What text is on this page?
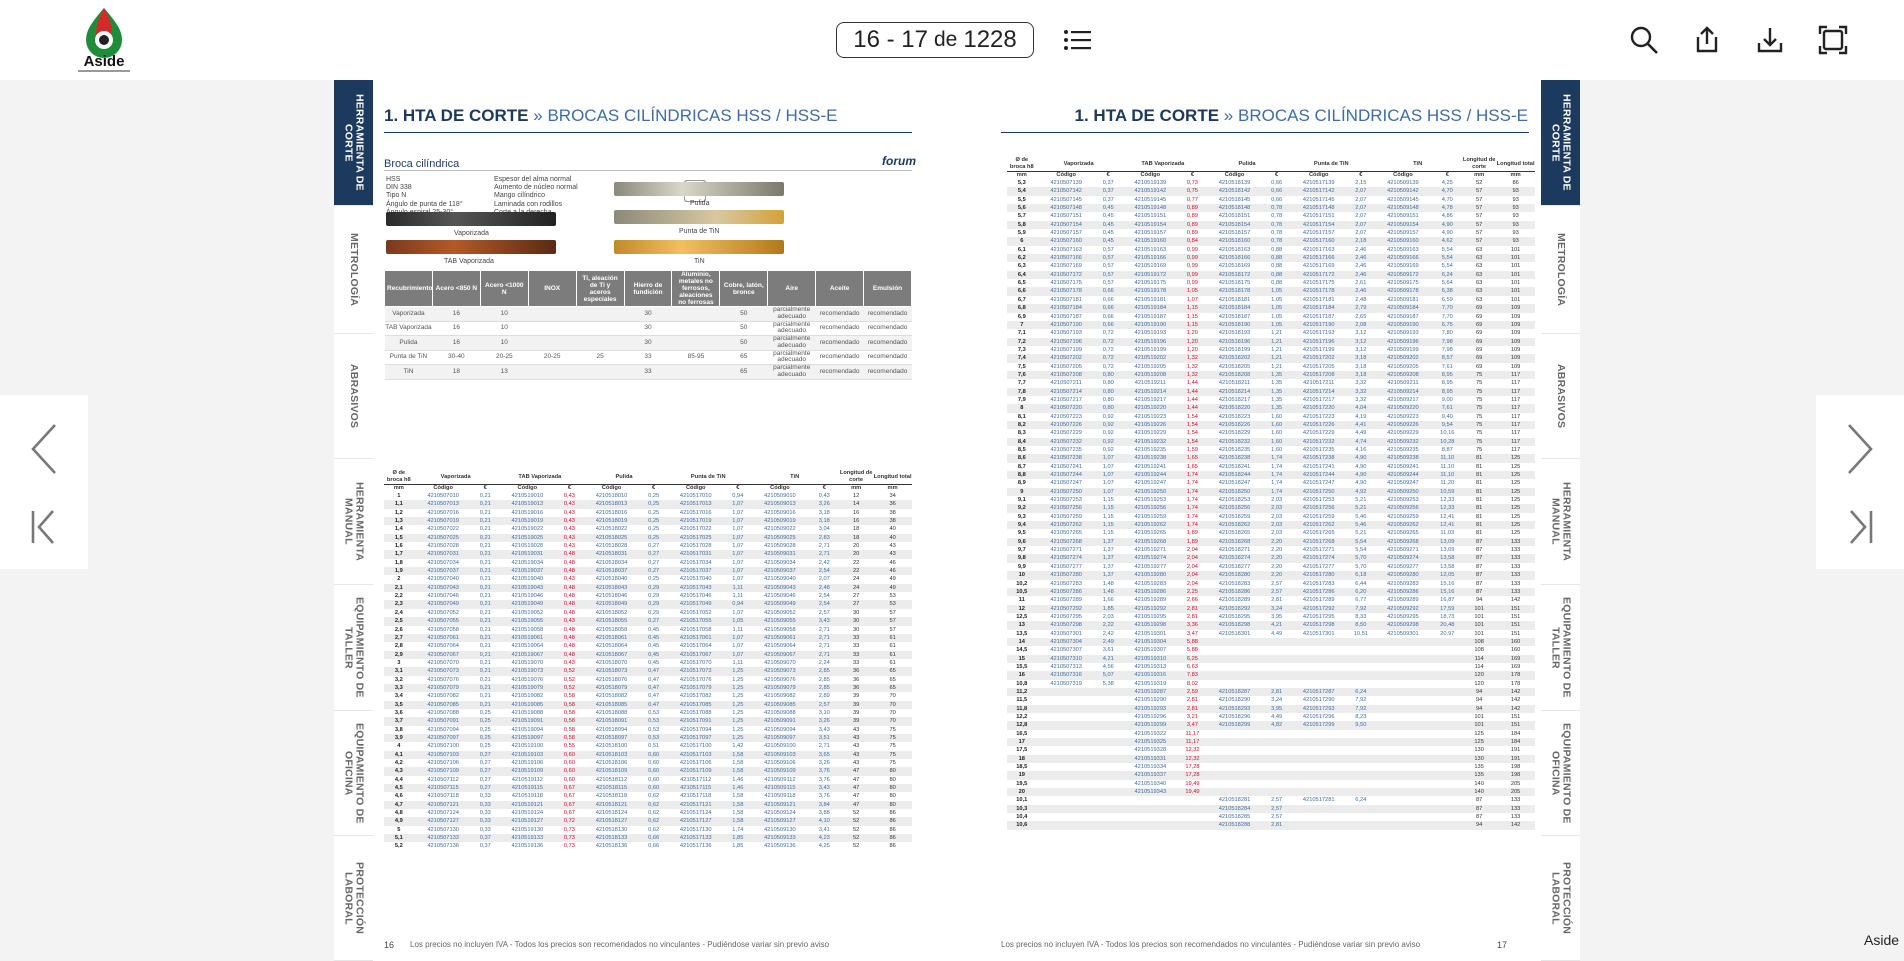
Aside
16 - 17 de 1228
HERRAMIENTA DE CORTE
METROLOGÍA
ABRASIVOS
HERRAMIENTA MANUAL
EQUIPAMIENTO DE TALLER
EQUIPAMIENTO DE OFICINA
PROTECCIÓN LABORAL
1. HTA DE CORTE » BROCAS CILÍNDRICAS HSS / HSS-E
Broca cilíndrica	forum
HSS
DIN 338
Tipo N
Ángulo de punta de 118°
Espesor del alma normal
Aumento de núcleo normal
Mango cilíndrico
Laminada con rodillos
Vaporizada
TAB Vaporizada
Pulida
Punta de TiN
TiN
16 Los precios no incluyen IVA - Todos los precios son recomendados no vinculantes - Pudiéndose variar sin previo aviso
1. HTA DE CORTE » BROCAS CILÍNDRICAS HSS / HSS-E	HERRAMIENTA DE CORTE
METROLOGÍA
ABRASIVOS
HERRAMIENTA MANUAL
EQUIPAMIENTO DE TALLER
EQUIPAMIENTO DE OFICINA
PROTECCIÓN LABORAL
17
Los precios no incluyen IVA - Todos los precios son recomendados no vinculantes - Pudiéndose variar sin previo aviso
Recubrimiento	Acero <850 N	Acero <1000 N	INOX	Ti, aleación de Ti y aceros especiales	Hierro de fundición	Aluminio, metales no ferrosos, aleaciones no ferrosas	Cobre, latón, bronce	Aire	Aceite	Emulsión
Vaporizada	16	10			30		50	parcialmente adecuado	recomendado	recomendado
TAB Vaporizada	16	10			30		50	parcialmente adecuado	recomendado	recomendado
Pulida	16	10			30		50	parcialmente adecuado	recomendado	recomendado
Punta de TiN	30-40	20-25	20-25	25	33	85-95	65	parcialmente adecuado	recomendado	recomendado
TiN	18	13			33		65	parcialmente adecuado	recomendado	recomendado
Ø de broca h8	Vaporizada		TAB Vaporizada		Pulida		Punta de TiN		TiN		Longitud de corte	Longitud total
mm	Código	€	Código	€	Código	€	Código	€	Código	€	mm	mm
1	4210507010	0,21	4210519010	0,43	4210518010	0,25	4210517010	0,94	4210509010	0,43	12	34
1,1	4210507013	0,21	4210519013	0,43	4210518013	0,25	4210517013	1,07	4210509013	3,26	14	36
1,2	4210507016	0,21	4210519016	0,43	4210518016	0,25	4210517016	1,07	4210509016	3,18	16	38
1,3	4210507019	0,21	4210519019	0,43	4210518019	0,25	4210517019	1,07	4210509019	3,18	16	38
1,4	4210507022	0,21	4210519022	0,43	4210518022	0,25	4210517022	1,07	4210509022	3,04	18	40
1,5	4210507025	0,21	4210519025	0,43	4210518025	0,25	4210517025	1,07	4210509025	2,83	18	40
1,6	4210507028	0,21	4210519028	0,43	4210518028	0,27	4210517028	1,07	4210509028	2,71	20	43
1,7	4210507031	0,21	4210519031	0,48	4210518031	0,27	4210517031	1,07	4210509031	2,71	20	43
1,8	4210507034	0,21	4210519034	0,48	4210518034	0,27	4210517034	1,07	4210509034	2,42	22	46
1,9	4210507037	0,21	4210519037	0,48	4210518037	0,27	4210517037	1,07	4210509037	2,54	22	46
2	4210507040	0,21	4210519040	0,43	4210518040	0,25	4210517040	1,07	4210509040	2,07	24	49
2,1	4210507043	0,21	4210519043	0,48	4210518043	0,29	4210517043	1,11	4210509043	2,48	24	49
2,2	4210507046	0,21	4210519046	0,48	4210518046	0,29	4210517046	1,11	4210509046	2,54	27	53
2,3	4210507049	0,21	4210519049	0,48	4210518049	0,29	4210517049	0,94	4210509049	2,54	27	53
2,4	4210507052	0,21	4210519052	0,48	4210518052	0,29	4210517052	1,07	4210509052	2,57	30	57
2,5	4210507055	0,21	4210519055	0,43	4210518055	0,27	4210517055	1,05	4210509055	3,43	30	57
2,6	4210507058	0,21	4210519058	0,48	4210518058	0,45	4210517058	1,11	4210509058	2,71	30	57
2,7	4210507061	0,21	4210519061	0,48	4210518061	0,45	4210517061	1,07	4210509061	2,71	33	61
2,8	4210507064	0,21	4210519064	0,48	4210518064	0,45	4210517064	1,07	4210509064	2,71	33	61
2,9	4210507067	0,21	4210519067	0,48	4210518067	0,45	4210517067	1,07	4210509067	2,71	33	61
3	4210507070	0,21	4210519070	0,43	4210518070	0,45	4210517070	1,11	4210509070	2,24	33	61
3,1	4210507073	0,21	4210519073	0,52	4210518073	0,47	4210517073	1,25	4210509073	2,85	36	65
3,2	4210507076	0,21	4210519076	0,52	4210518076	0,47	4210517076	1,25	4210509076	2,85	36	65
3,3	4210507079	0,21	4210519079	0,52	4210518079	0,47	4210517079	1,25	4210509079	2,85	36	65
3,4	4210507082	0,21	4210519082	0,58	4210518082	0,47	4210517082	1,25	4210509082	2,89	39	70
3,5	4210507085	0,21	4210519085	0,58	4210518085	0,47	4210517085	1,25	4210509085	2,57	39	70
3,6	4210507088	0,25	4210519088	0,58	4210518088	0,53	4210517088	1,25	4210509088	3,10	39	70
3,7	4210507091	0,25	4210519091	0,58	4210518091	0,53	4210517091	1,25	4210509091	3,26	39	70
3,8	4210507094	0,25	4210519094	0,58	4210518094	0,53	4210517094	1,25	4210509094	3,43	43	75
3,9	4210507097	0,25	4210519097	0,58	4210518097	0,53	4210517097	1,25	4210509097	3,51	43	75
4	4210507100	0,25	4210519100	0,55	4210518100	0,51	4210517100	1,42	4210509100	2,71	43	75
4,1	4210507103	0,27	4210519103	0,60	4210518103	0,60	4210517103	1,58	4210509103	3,65	43	75
4,2	4210507106	0,27	4210519106	0,60	4210518106	0,60	4210517106	1,58	4210509106	3,26	43	75
4,3	4210507109	0,27	4210519109	0,60	4210518109	0,60	4210517109	1,58	4210509109	3,76	47	80
4,4	4210507112	0,27	4210519112	0,60	4210518112	0,60	4210517112	1,46	4210509112	3,76	47	80
4,5	4210507115	0,27	4210519115	0,67	4210518115	0,60	4210517115	1,46	4210509115	3,43	47	80
4,6	4210507118	0,33	4210519118	0,67	4210518118	0,62	4210517118	1,58	4210509118	3,76	47	80
4,7	4210507121	0,33	4210519121	0,67	4210518121	0,62	4210517121	1,58	4210509121	3,84	47	80
4,8	4210507124	0,33	4210519124	0,67	4210518124	0,62	4210517124	1,58	4210509124	3,88	52	86
4,9	4210507127	0,33	4210519127	0,72	4210518127	0,62	4210517127	1,58	4210509127	4,10	52	86
5	4210507130	0,33	4210519130	0,73	4210518130	0,62	4210517130	1,74	4210509130	3,41	52	86
5,1	4210507133	0,37	4210519133	0,73	4210518133	0,66	4210517133	1,85	4210509133	4,23	52	86
5,2	4210507136	0,37	4210519136	0,73	4210518136	0,66	4210517136	1,85	4210509136	4,25	52	86
Ø de broca h8	Vaporizada		TAB Vaporizada		Pulida		Punta de TiN		TiN		Longitud de corte	Longitud total
mm	Código	€	Código	€	Código	€	Código	€	Código	€	mm	mm
5,3	4210507139	0,37	4210519139	0,73	4210518139	0,66	4210517139	2,15	4210509139	4,25	52	86
5,4	4210507142	0,37	4210519142	0,75	4210518142	0,66	4210517142	2,07	4210509142	4,70	57	93
5,5	4210507145	0,37	4210519145	0,77	4210518145	0,66	4210517145	2,07	4210509145	4,70	57	93
5,6	4210507148	0,45	4210519148	0,89	4210518148	0,78	4210517148	2,07	4210509148	4,78	57	93
5,7	4210507151	0,45	4210519151	0,89	4210518151	0,78	4210517151	2,07	4210509151	4,86	57	93
5,8	4210507154	0,45	4210519154	0,89	4210518154	0,78	4210517154	2,07	4210509154	4,90	57	93
5,9	4210507157	0,45	4210519157	0,89	4210518157	0,78	4210517157	2,07	4210509157	4,90	57	93
6	4210507160	0,45	4210519160	0,84	4210518160	0,78	4210517160	2,18	4210509160	4,62	57	93
6,1	4210507163	0,57	4210519163	0,99	4210518163	0,88	4210517163	2,46	4210509163	5,54	63	101
6,2	4210507166	0,57	4210519166	0,99	4210518166	0,88	4210517166	2,46	4210509166	5,54	63	101
6,3	4210507169	0,57	4210519169	0,99	4210518169	0,88	4210517169	2,46	4210509169	5,54	63	101
6,4	4210507172	0,57	4210519172	0,99	4210518172	0,88	4210517172	2,46	4210509172	6,24	63	101
6,5	4210507175	0,57	4210519175	0,99	4210518175	0,88	4210517175	2,61	4210509175	5,64	63	101
6,6	4210507178	0,66	4210519178	1,05	4210518178	1,05	4210517178	2,46	4210509178	6,38	63	101
6,7	4210507181	0,66	4210519181	1,07	4210518181	1,05	4210517181	2,48	4210509181	6,59	63	101
6,8	4210507184	0,66	4210519184	1,15	4210518184	1,05	4210517184	2,79	4210509184	7,70	69	109
6,9	4210507187	0,66	4210519187	1,15	4210518187	1,05	4210517187	2,65	4210509187	7,70	69	109
7	4210507190	0,66	4210519190	1,15	4210518190	1,05	4210517190	2,08	4210509190	6,75	69	109
7,1	4210507193	0,72	4210519193	1,20	4210518193	1,21	4210517193	3,12	4210509193	7,80	69	109
7,2	4210507196	0,72	4210519196	1,20	4210518196	1,21	4210517196	3,12	4210509196	7,98	69	109
7,3	4210507199	0,72	4210519199	1,20	4210518199	1,21	4210517199	3,12	4210509199	7,98	69	109
7,4	4210507202	0,72	4210519202	1,32	4210518202	1,21	4210517202	3,18	4210509202	8,57	69	109
7,5	4210507205	0,72	4210519205	1,32	4210518205	1,21	4210517205	3,18	4210509205	7,61	69	109
7,6	4210507208	0,80	4210519208	1,32	4210518208	1,35	4210517208	3,18	4210509208	8,95	75	117
7,7	4210507211	0,80	4210519211	1,44	4210518211	1,35	4210517211	3,32	4210509211	8,95	75	117
7,8	4210507214	0,80	4210519214	1,44	4210518214	1,35	4210517214	3,32	4210509214	8,95	75	117
7,9	4210507217	0,80	4210519217	1,44	4210518217	1,35	4210517217	3,32	4210509217	9,00	75	117
8	4210507220	0,80	4210519220	1,44	4210518220	1,35	4210517220	4,04	4210509220	7,61	75	117
8,1	4210507223	0,92	4210519223	1,54	4210518223	1,60	4210517223	4,19	4210509223	9,40	75	117
8,2	4210507226	0,92	4210519226	1,54	4210518226	1,60	4210517226	4,41	4210509226	9,54	75	117
8,3	4210507229	0,92	4210519229	1,54	4210518229	1,60	4210517229	4,49	4210509229	10,16	75	117
8,4	4210507232	0,92	4210519232	1,54	4210518232	1,60	4210517232	4,74	4210509232	10,28	75	117
8,5	4210507235	0,92	4210519235	1,59	4210518235	1,60	4210517235	4,16	4210509235	8,87	75	117
8,6	4210507238	1,07	4210519238	1,65	4210518238	1,74	4210517238	4,90	4210509238	11,10	81	125
8,7	4210507241	1,07	4210519241	1,65	4210518241	1,74	4210517241	4,90	4210509241	11,10	81	125
8,8	4210507244	1,07	4210519244	1,74	4210518244	1,74	4210517244	4,90	4210509244	11,10	81	125
8,9	4210507247	1,07	4210519247	1,74	4210518247	1,74	4210517247	4,90	4210509247	11,20	81	125
9	4210507250	1,07	4210519250	1,74	4210518250	1,74	4210517250	4,92	4210509250	10,59	81	125
9,1	4210507253	1,15	4210519253	1,74	4210518253	2,03	4210517253	5,21	4210509253	12,33	81	125
9,2	4210507256	1,15	4210519256	1,74	4210518256	2,03	4210517256	5,21	4210509256	12,33	81	125
9,3	4210507259	1,15	4210519259	1,74	4210518259	2,03	4210517259	5,46	4210509259	12,41	81	125
9,4	4210507262	1,15	4210519262	1,74	4210518262	2,03	4210517262	5,46	4210509262	12,41	81	125
9,5	4210507265	1,15	4210519265	1,89	4210518265	2,03	4210517265	5,21	4210509265	11,03	81	125
9,6	4210507268	1,37	4210519268	1,89	4210518268	2,20	4210517268	5,54	4210509268	13,09	87	133
9,7	4210507271	1,37	4210519271	2,04	4210518271	2,20	4210517271	5,54	4210509271	13,09	87	133
9,8	4210507274	1,37	4210519274	2,04	4210518274	2,20	4210517274	5,70	4210509274	13,58	87	133
9,9	4210507277	1,37	4210519277	2,04	4210518277	2,20	4210517277	5,70	4210509277	13,58	87	133
10	4210507280	1,37	4210519280	2,04	4210518280	2,20	4210517280	6,18	4210509280	12,05	87	133
10,2	4210507283	1,48	4210519283	2,04	4210518283	2,57	4210517283	6,44	4210509283	15,16	87	133
10,5	4210507286	1,48	4210519286	2,25	4210518286	2,57	4210517286	6,20	4210509286	15,16	87	133
11	4210507289	1,66	4210519289	2,66	4210518289	2,81	4210517289	6,77	4210509289	16,87	94	142
12	4210507292	1,85	4210519292	2,81	4210518292	3,24	4210517292	7,92	4210509292	17,59	101	151
12,5	4210507295	2,03	4210519295	2,81	4210518295	3,95	4210517295	8,33	4210509295	18,73	101	151
13	4210507298	2,22	4210519298	3,36	4210518298	4,21	4210517298	8,50	4210509298	20,48	101	151
13,5	4210507301	2,42	4210519301	3,47	4210518301	4,49	4210517301	10,51	4210509301	20,97	101	151
14	4210507304	2,49	4210519304	5,88							108	160
14,5	4210507307	3,61	4210519307	5,88							108	160
15	4210507310	4,21	4210519310	6,25							114	169
15,5	4210507313	4,56	4210519313	6,63							114	169
16	4210507316	5,07	4210519316	7,83							120	178
10,8	4210507319	5,38	4210519319	8,02							120	178
11,2			4210519287	2,59	4210518287	2,81	4210517287	6,24			94	142
11,5			4210519290	2,81	4210518290	3,24	4210517290	7,92			94	142
11,8			4210519293	2,81	4210518293	3,95	4210517293	7,92			94	142
12,2			4210519296	3,21	4210518296	4,49	4210517296	8,23			101	151
12,8			4210519299	3,47	4210518299	4,82	4210517299	9,50			101	151
16,5			4210519322	11,17							125	184
17			4210519325	11,17							125	184
17,5			4210519328	12,32							130	191
18			4210519331	12,32							130	191
18,5			4210519334	17,28							135	198
19			4210519337	17,28							135	198
19,5			4210519340	19,49							140	205
20			4210519343	19,49							140	205
10,1					4210518281	2,57	4210517281	6,24			87	133
10,3					4210518284	2,57					87	133
10,4					4210518285	2,57					87	133
10,6					4210518288	2,81					94	142
Aside
